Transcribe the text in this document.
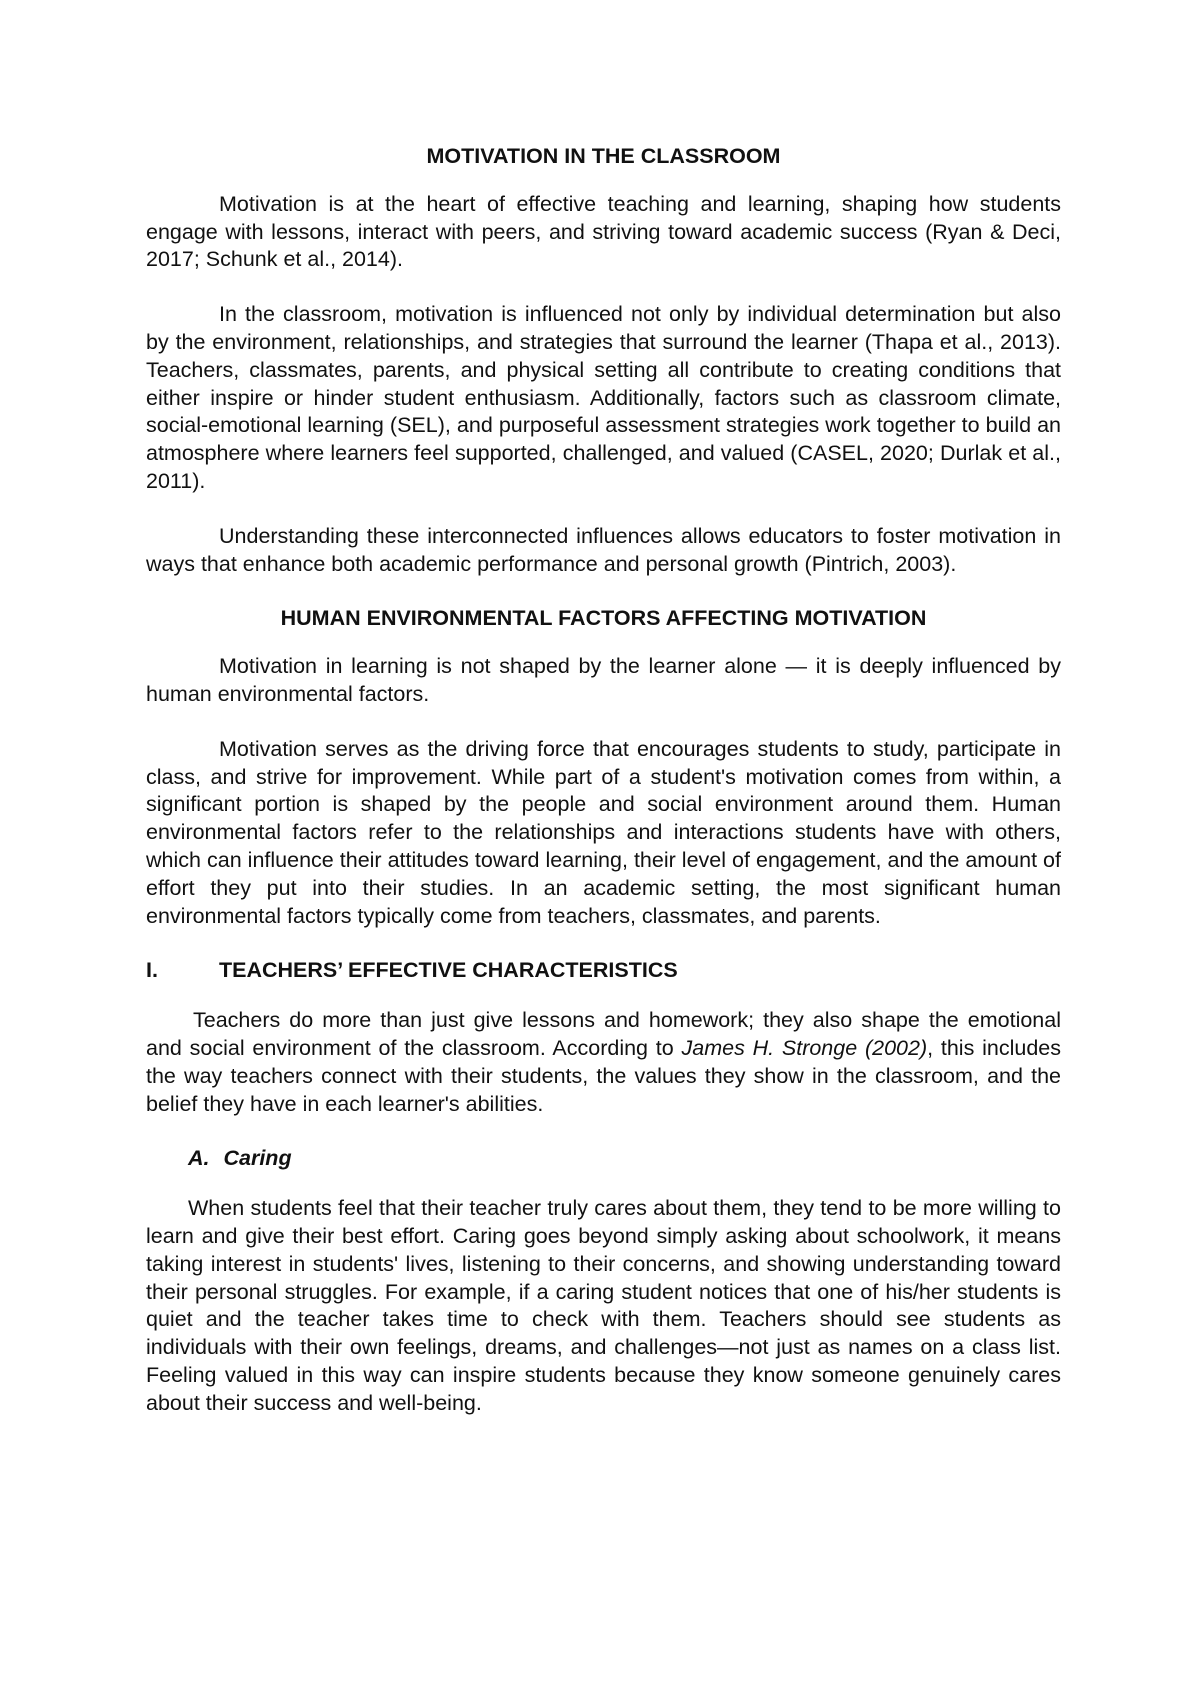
MOTIVATION IN THE CLASSROOM

Motivation is at the heart of effective teaching and learning, shaping how students engage with lessons, interact with peers, and striving toward academic success (Ryan & Deci, 2017; Schunk et al., 2014).

In the classroom, motivation is influenced not only by individual determination but also by the environment, relationships, and strategies that surround the learner (Thapa et al., 2013). Teachers, classmates, parents, and physical setting all contribute to creating conditions that either inspire or hinder student enthusiasm. Additionally, factors such as classroom climate, social-emotional learning (SEL), and purposeful assessment strategies work together to build an atmosphere where learners feel supported, challenged, and valued (CASEL, 2020; Durlak et al., 2011).

Understanding these interconnected influences allows educators to foster motivation in ways that enhance both academic performance and personal growth (Pintrich, 2003).

HUMAN ENVIRONMENTAL FACTORS AFFECTING MOTIVATION

Motivation in learning is not shaped by the learner alone — it is deeply influenced by human environmental factors.

Motivation serves as the driving force that encourages students to study, participate in class, and strive for improvement. While part of a student's motivation comes from within, a significant portion is shaped by the people and social environment around them. Human environmental factors refer to the relationships and interactions students have with others, which can influence their attitudes toward learning, their level of engagement, and the amount of effort they put into their studies. In an academic setting, the most significant human environmental factors typically come from teachers, classmates, and parents.

I.	TEACHERS’ EFFECTIVE CHARACTERISTICS

Teachers do more than just give lessons and homework; they also shape the emotional and social environment of the classroom. According to James H. Stronge (2002), this includes the way teachers connect with their students, the values they show in the classroom, and the belief they have in each learner's abilities.

A. Caring

When students feel that their teacher truly cares about them, they tend to be more willing to learn and give their best effort. Caring goes beyond simply asking about schoolwork, it means taking interest in students' lives, listening to their concerns, and showing understanding toward their personal struggles. For example, if a caring student notices that one of his/her students is quiet and the teacher takes time to check with them. Teachers should see students as individuals with their own feelings, dreams, and challenges—not just as names on a class list. Feeling valued in this way can inspire students because they know someone genuinely cares about their success and well-being.
